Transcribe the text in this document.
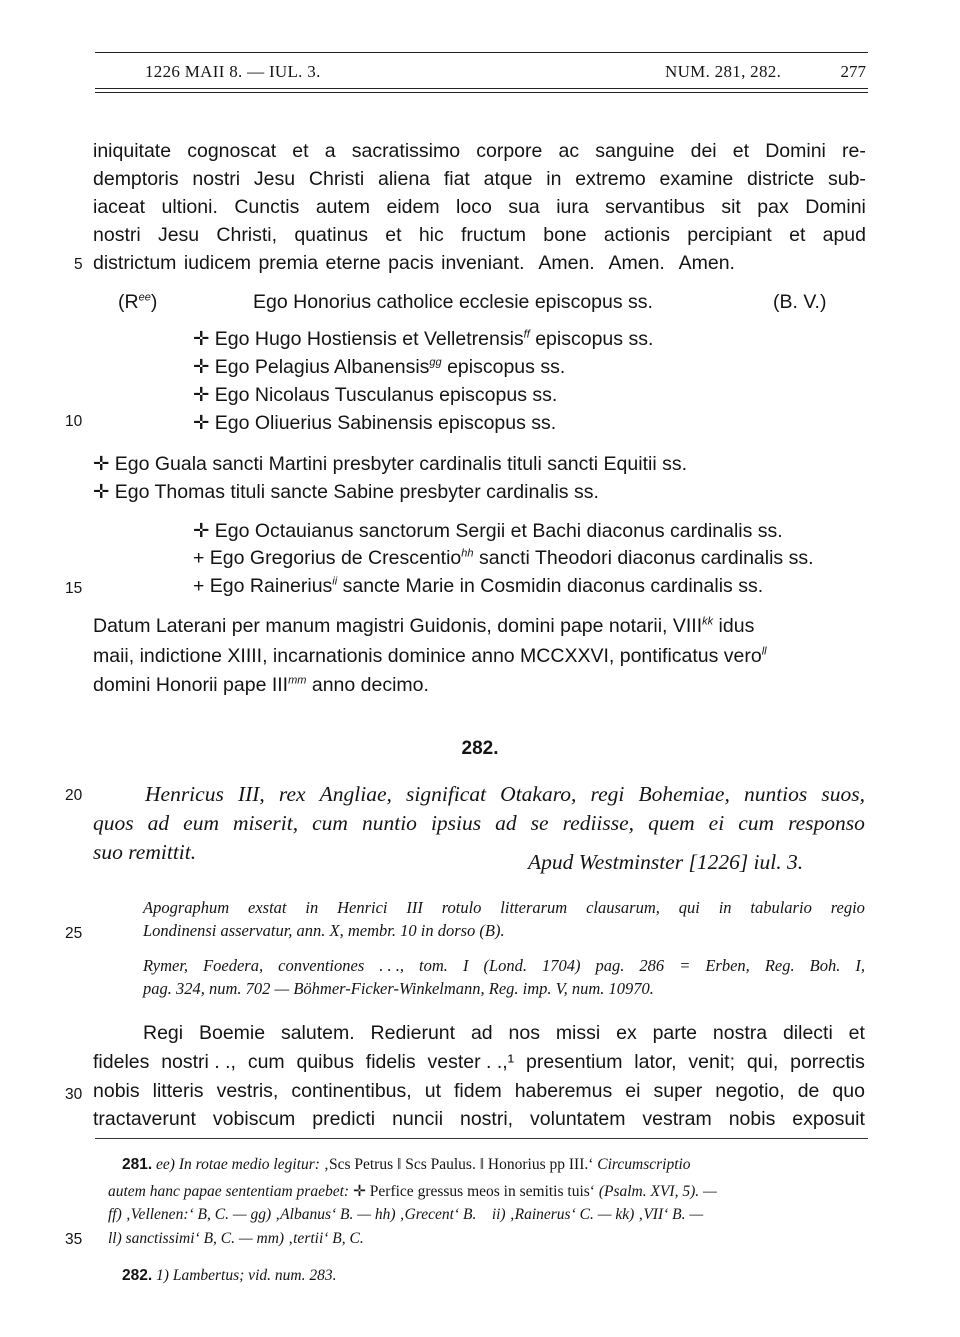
1226 MAII 8. — IUL. 3.	NUM. 281, 282.	277
5
10
15
20
25
30
35
iniquitate cognoscat et a sacratissimo corpore ac sanguine dei et Domini re-
demptoris nostri Jesu Christi aliena fiat atque in extremo examine districte sub-
iaceat ultioni. Cunctis autem eidem loco sua iura servantibus sit pax Domini
nostri Jesu Christi, quatinus et hic fructum bone actionis percipiant et apud
districtum iudicem premia eterne pacis inveniant.  Amen.  Amen.  Amen.
$(R^{ee})$	Ego Honorius catholice ecclesie episcopus ss.	(B. V.)
✛ Ego Hugo Hostiensis et Velletrensis$^{ff}$ episcopus ss.
✛ Ego Pelagius Albanensis$^{gg}$ episcopus ss.
✛ Ego Nicolaus Tusculanus episcopus ss.
✛ Ego Oliuerius Sabinensis episcopus ss.
✛ Ego Guala sancti Martini presbyter cardinalis tituli sancti Equitii ss.
✛ Ego Thomas tituli sancte Sabine presbyter cardinalis ss.
✛ Ego Octauianus sanctorum Sergii et Bachi diaconus cardinalis ss.
+ Ego Gregorius de Crescentio$^{hh}$ sancti Theodori diaconus cardinalis ss.
+ Ego Rainerius$^{ii}$ sancte Marie in Cosmidin diaconus cardinalis ss.
Datum Laterani per manum magistri Guidonis, domini pape notarii, $VIII^{kk}$ idus
maii, indictione XIIII, incarnationis dominice anno MCCXXVI, pontificatus vero$^{ll}$
domini Honorii pape $III^{mm}$ anno decimo.
282.
Henricus III, rex Angliae, significat Otakaro, regi Bohemiae, nuntios suos,
quos ad eum miserit, cum nuntio ipsius ad se rediisse, quem ei cum responso
suo remittit.	Apud Westminster [1226] iul. 3.
Apographum exstat in Henrici III rotulo litterarum clausarum, qui in tabulario regio
Londinensi asservatur, ann. X, membr. 10 in dorso (B).
Rymer, Foedera, conventiones . . ., tom. I (Lond. 1704) pag. 286 = Erben, Reg. Boh. I,
pag. 324, num. 702 — Böhmer-Ficker-Winkelmann, Reg. imp. V, num. 10970.
Regi Boemie salutem. Redierunt ad nos missi ex parte nostra dilecti et
fideles nostri . ., cum quibus fidelis vester . .,¹ presentium lator, venit; qui, porrectis
nobis litteris vestris, continentibus, ut fidem haberemus ei super negotio, de quo
tractaverunt vobiscum predicti nuncii nostri, voluntatem vestram nobis exposuit
281. ee) In rotae medio legitur: ‚Scs Petrus ‖ Scs Paulus. ‖ Honorius pp III.‘ Circumscriptio
autem hanc papae sententiam praebet: ✛ Perfice gressus meos in semitis tuis‘ (Psalm. XVI, 5). —
ff) ‚Vellenen:‘ B, C. — gg) ‚Albanus‘ B. — hh) ‚Grecent‘ B.    ii) ‚Rainerus‘ C. — kk) ‚VII‘ B. —
ll) sanctissimi‘ B, C. — mm) ‚tertii‘ B, C.
282. 1) Lambertus; vid. num. 283.
